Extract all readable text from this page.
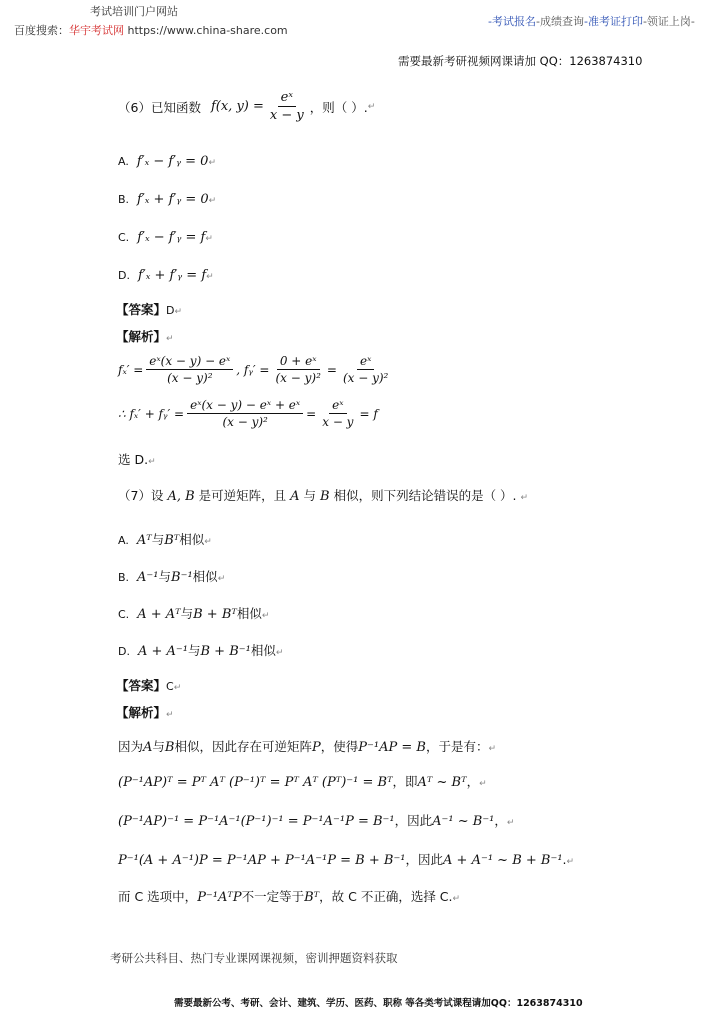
考试培训门户网站
百度搜索：华宇考试网 https://www.china-share.com
-考试报名-成绩查询-准考证打印-领证上岗-
需要最新考研视频网课请加 QQ：1263874310
（6）已知函数 f(x, $y) = \frac{\text{eˣ}}{x - y}$ ，则（ ）. ↵
A. f′ₓ − f′ᵧ = 0↵
B. f′ₓ + f′ᵧ = 0↵
C. f′ₓ − f′ᵧ = f↵
D. f′ₓ + f′ᵧ = f↵
【答案】D↵
【解析】↵
$f_x' = \frac{\text{eˣ(x − y) − eˣ}}{\text{(x − y)²}}$ , fᵧ′ = $\frac{\text{0 + eˣ}}{\text{(x − y)²}} = \frac{\text{eˣ}}{\text{(x − y)²}}$
∴ fₓ′ + fᵧ′ = $\frac{\text{eˣ(x − y) − eˣ + eˣ}}{\text{(x − y)²}} = \frac{\text{eˣ}}{x - y} = f$
选 D.↵
（7）设 A, B 是可逆矩阵，且 A 与 B 相似，则下列结论错误的是（ ）. ↵
A. Aᵀ与Bᵀ相似↵
B. A⁻¹与B⁻¹相似↵
C. A + Aᵀ与B + Bᵀ相似↵
D. A + A⁻¹与B + B⁻¹相似↵
【答案】C↵
【解析】↵
因为A与B相似，因此存在可逆矩阵P，使得P⁻¹AP = B，于是有：↵
(P⁻¹AP)ᵀ = Pᵀ Aᵀ (P⁻¹)ᵀ = Pᵀ Aᵀ (Pᵀ)⁻¹ = Bᵀ，即Aᵀ ~ Bᵀ，↵
(P⁻¹AP)⁻¹ = P⁻¹A⁻¹(P⁻¹)⁻¹ = P⁻¹A⁻¹P = B⁻¹，因此A⁻¹ ~ B⁻¹，↵
P⁻¹(A + A⁻¹)P = P⁻¹AP + P⁻¹A⁻¹P = B + B⁻¹，因此A + A⁻¹ ~ B + B⁻¹.↵
而 C 选项中，P⁻¹AᵀP不一定等于Bᵀ，故 C 不正确，选择 C.↵
考研公共科目、热门专业课网课视频，密训押题资料获取
需要最新公考、考研、会计、建筑、学历、医药、职称 等各类考试课程请加QQ：1263874310
